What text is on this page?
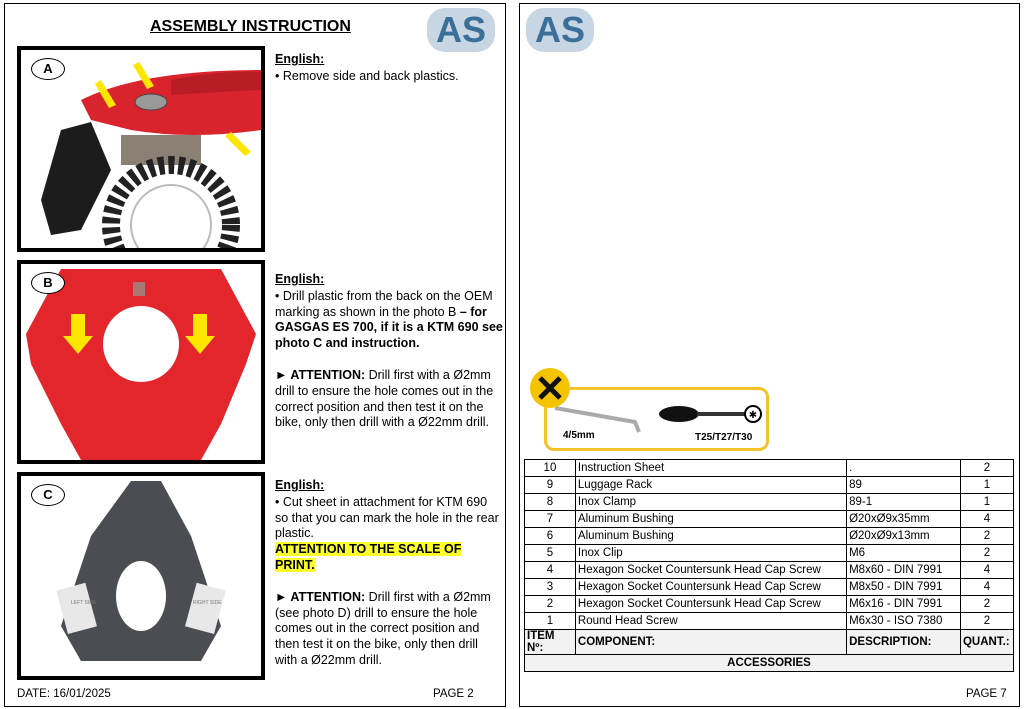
ASSEMBLY INSTRUCTION AS
A
English:

• Remove side and back plastics.

B	English:

• Drill plastic from the back on the OEM marking as shown in the photo B – for GASGAS ES 700, if it is a KTM 690 see photo C and instruction.

► ATTENTION: Drill first with a Ø2mm drill to ensure the hole comes out in the correct position and then test it on the bike, only then drill with a Ø22mm drill.

C
LEFT SIDE	RIGHT SIDE
English:

• Cut sheet in attachment for KTM 690 so that you can mark the hole in the rear plastic.

ATTENTION TO THE SCALE OF PRINT.

► ATTENTION: Drill first with a Ø2mm (see photo D) drill to ensure the hole comes out in the correct position and then test it on the bike, only then drill with a Ø22mm drill.

DATE: 16/01/2025	PAGE 2
AS
4/5mm
✱
T25/T27/T30
10	Instruction Sheet	.	2
9	Luggage Rack	89	1
8	Inox Clamp	89-1	1
7	Aluminum Bushing	Ø20xØ9x35mm	4
6	Aluminum Bushing	Ø20xØ9x13mm	2
5	Inox Clip	M6	2
4	Hexagon Socket Countersunk Head Cap Screw	M8x60 - DIN 7991	4
3	Hexagon Socket Countersunk Head Cap Screw	M8x50 - DIN 7991	4
2	Hexagon Socket Countersunk Head Cap Screw	M6x16 - DIN 7991	2
1	Round Head Screw	M6x30 - ISO 7380	2
ITEM Nº:	COMPONENT:	DESCRIPTION:	QUANT.:
ACCESSORIES			
PAGE 7
